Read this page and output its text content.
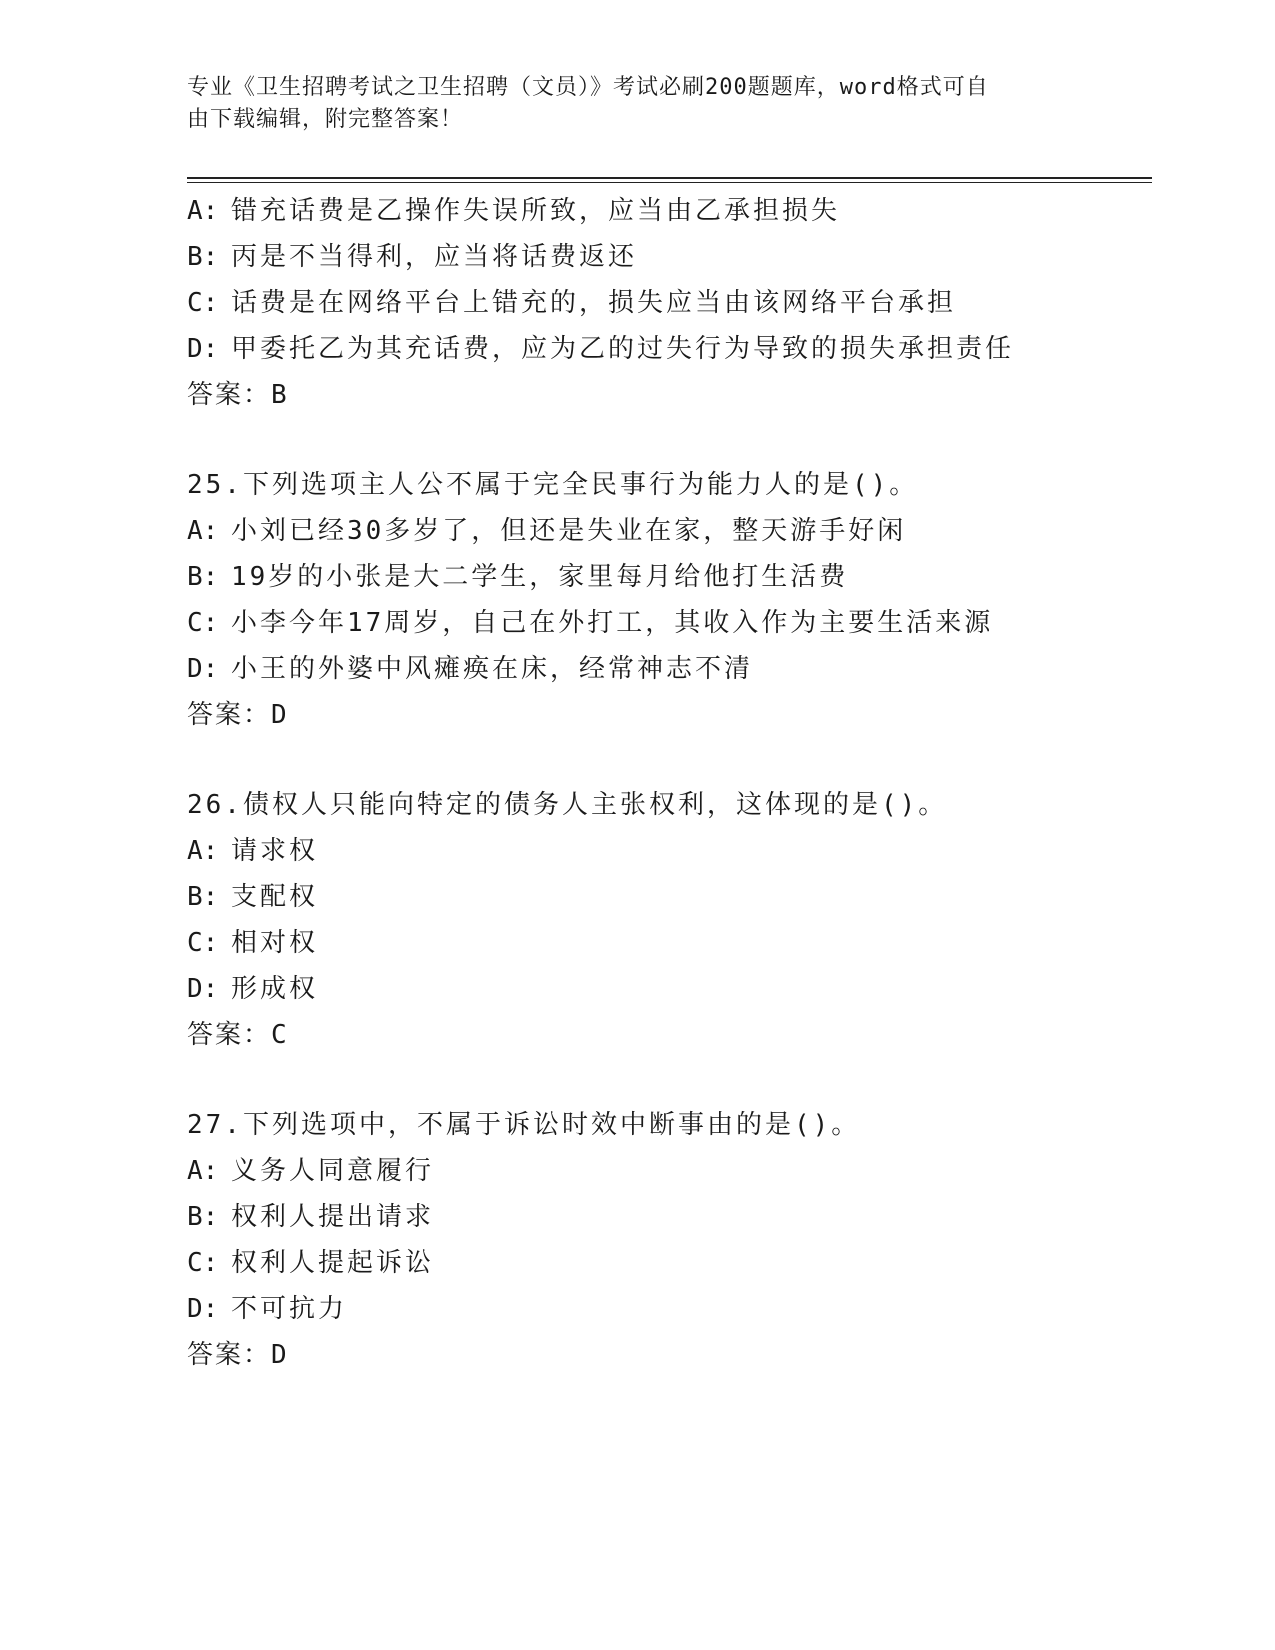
专业《卫生招聘考试之卫生招聘（文员）》考试必刷200题题库，word格式可自
由下载编辑，附完整答案！
A: 错充话费是乙操作失误所致，应当由乙承担损失
B: 丙是不当得利，应当将话费返还
C: 话费是在网络平台上错充的，损失应当由该网络平台承担
D: 甲委托乙为其充话费，应为乙的过失行为导致的损失承担责任
答案：B
25.下列选项主人公不属于完全民事行为能力人的是()。
A: 小刘已经30多岁了，但还是失业在家，整天游手好闲
B: 19岁的小张是大二学生，家里每月给他打生活费
C: 小李今年17周岁，自己在外打工，其收入作为主要生活来源
D: 小王的外婆中风瘫痪在床，经常神志不清
答案：D
26.债权人只能向特定的债务人主张权利，这体现的是()。
A: 请求权
B: 支配权
C: 相对权
D: 形成权
答案：C
27.下列选项中，不属于诉讼时效中断事由的是()。
A: 义务人同意履行
B: 权利人提出请求
C: 权利人提起诉讼
D: 不可抗力
答案：D
